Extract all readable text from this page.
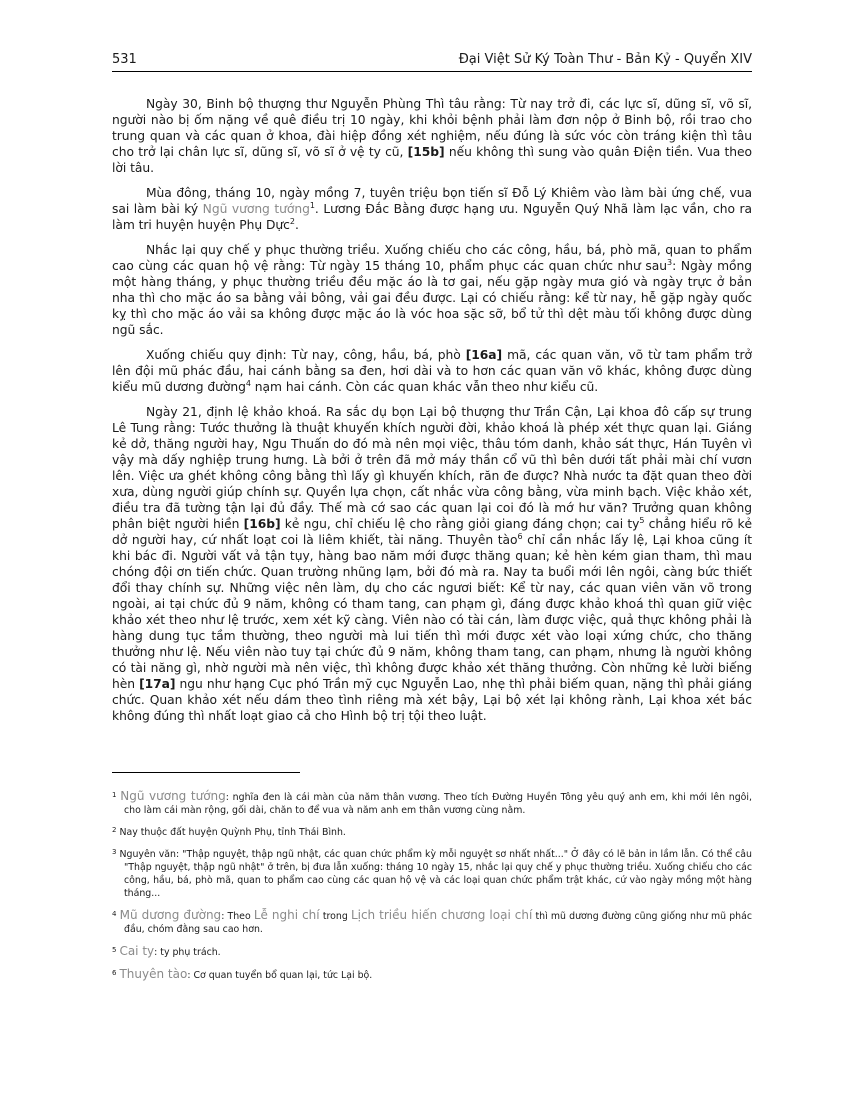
531	Đại Việt Sử Ký Toàn Thư - Bản Kỷ - Quyển XIV

Ngày 30, Binh bộ thượng thư Nguyễn Phùng Thì tâu rằng: Từ nay trở đi, các lực sĩ, dũng sĩ, võ sĩ, người nào bị ốm nặng về quê điều trị 10 ngày, khi khỏi bệnh phải làm đơn nộp ở Binh bộ, rồi trao cho trung quan và các quan ở khoa, đài hiệp đồng xét nghiệm, nếu đúng là sức vóc còn tráng kiện thì tâu cho trở lại chân lực sĩ, dũng sĩ, võ sĩ ở vệ ty cũ, [15b] nếu không thì sung vào quân Điện tiền. Vua theo lời tâu.

Mùa đông, tháng 10, ngày mồng 7, tuyên triệu bọn tiến sĩ Đỗ Lý Khiêm vào làm bài ứng chế, vua sai làm bài ký Ngũ vương tướng$^1$. Lương Đắc Bằng được hạng ưu. Nguyễn Quý Nhã làm lạc vần, cho ra làm tri huyện huyện Phụ Dực$^2$.

Nhắc lại quy chế y phục thường triều. Xuống chiếu cho các công, hầu, bá, phò mã, quan to phẩm cao cùng các quan hộ vệ rằng: Từ ngày 15 tháng 10, phẩm phục các quan chức như sau$^3$: Ngày mồng một hàng tháng, y phục thường triều đều mặc áo là tơ gai, nếu gặp ngày mưa gió và ngày trực ở bản nha thì cho mặc áo sa bằng vải bông, vải gai đều được. Lại có chiếu rằng: kể từ nay, hễ gặp ngày quốc kỵ thì cho mặc áo vải sa không được mặc áo là vóc hoa sặc sỡ, bổ tử thì dệt màu tối không được dùng ngũ sắc.

Xuống chiếu quy định: Từ nay, công, hầu, bá, phò [16a] mã, các quan văn, võ từ tam phẩm trở lên đội mũ phác đầu, hai cánh bằng sa đen, hơi dài và to hơn các quan văn võ khác, không được dùng kiểu mũ dương đường$^4$ nạm hai cánh. Còn các quan khác vẫn theo như kiểu cũ.

Ngày 21, định lệ khảo khoá. Ra sắc dụ bọn Lại bộ thượng thư Trần Cận, Lại khoa đô cấp sự trung Lê Tung rằng: Tước thưởng là thuật khuyến khích người đời, khảo khoá là phép xét thực quan lại. Giáng kẻ dở, thăng người hay, Ngu Thuấn do đó mà nên mọi việc, thâu tóm danh, khảo sát thực, Hán Tuyên vì vậy mà dấy nghiệp trung hưng. Là bởi ở trên đã mở máy thần cổ vũ thì bên dưới tất phải mài chí vươn lên. Việc ưa ghét không công bằng thì lấy gì khuyến khích, răn đe được? Nhà nước ta đặt quan theo đời xưa, dùng người giúp chính sự. Quyền lựa chọn, cất nhắc vừa công bằng, vừa minh bạch. Việc khảo xét, điều tra đã tường tận lại đủ đầy. Thế mà cớ sao các quan lại coi đó là mớ hư văn? Trưởng quan không phân biệt người hiền [16b] kẻ ngu, chỉ chiếu lệ cho rằng giỏi giang đáng chọn; cai $ty^5$ chẳng hiểu rõ kẻ dở người hay, cứ nhất loạt coi là liêm khiết, tài năng. Thuyên tào$^6$ chỉ cần nhắc lấy lệ, Lại khoa cũng ít khi bác đi. Người vất vả tận tụy, hàng bao năm mới được thăng quan; kẻ hèn kém gian tham, thì mau chóng đội ơn tiến chức. Quan trường nhũng lạm, bởi đó mà ra. Nay ta buổi mới lên ngôi, càng bức thiết đổi thay chính sự. Những việc nên làm, dụ cho các ngươi biết: Kể từ nay, các quan viên văn võ trong ngoài, ai tại chức đủ 9 năm, không có tham tang, can phạm gì, đáng được khảo khoá thì quan giữ việc khảo xét theo như lệ trước, xem xét kỹ càng. Viên nào có tài cán, làm được việc, quả thực không phải là hàng dung tục tầm thường, theo người mà lui tiến thì mới được xét vào loại xứng chức, cho thăng thưởng như lệ. Nếu viên nào tuy tại chức đủ 9 năm, không tham tang, can phạm, nhưng là người không có tài năng gì, nhờ người mà nên việc, thì không được khảo xét thăng thưởng. Còn những kẻ lười biếng hèn [17a] ngu như hạng Cục phó Trần mỹ cục Nguyễn Lao, nhẹ thì phải biếm quan, nặng thì phải giáng chức. Quan khảo xét nếu dám theo tình riêng mà xét bậy, Lại bộ xét lại không rành, Lại khoa xét bác không đúng thì nhất loạt giao cả cho Hình bộ trị tội theo luật.

$^1$ Ngũ vương tướng: nghĩa đen là cái màn của năm thân vương. Theo tích Đường Huyền Tông yêu quý anh em, khi mới lên ngôi, cho làm cái màn rộng, gối dài, chăn to để vua và năm anh em thân vương cùng nằm.

$^2$ Nay thuộc đất huyện Quỳnh Phụ, tỉnh Thái Bình.

$^3$ Nguyên văn: "Thập nguyệt, thập ngũ nhật, các quan chức phẩm kỳ mỗi nguyệt sơ nhất nhất..." Ở đây có lẽ bản in lầm lẫn. Có thể câu "Thập nguyệt, thập ngũ nhật" ở trên, bị đưa lẫn xuống: tháng 10 ngày 15, nhắc lại quy chế y phục thường triều. Xuống chiếu cho các công, hầu, bá, phò mã, quan to phẩm cao cùng các quan hộ vệ và các loại quan chức phẩm trật khác, cứ vào ngày mồng một hàng tháng...

$^4$ Mũ dương đường: Theo Lễ nghi chí trong Lịch triều hiến chương loại chí thì mũ dương đường cũng giống như mũ phác đầu, chóm đằng sau cao hơn.

$^5$ Cai ty: ty phụ trách.

$^6$ Thuyên tào: Cơ quan tuyển bổ quan lại, tức Lại bộ.
